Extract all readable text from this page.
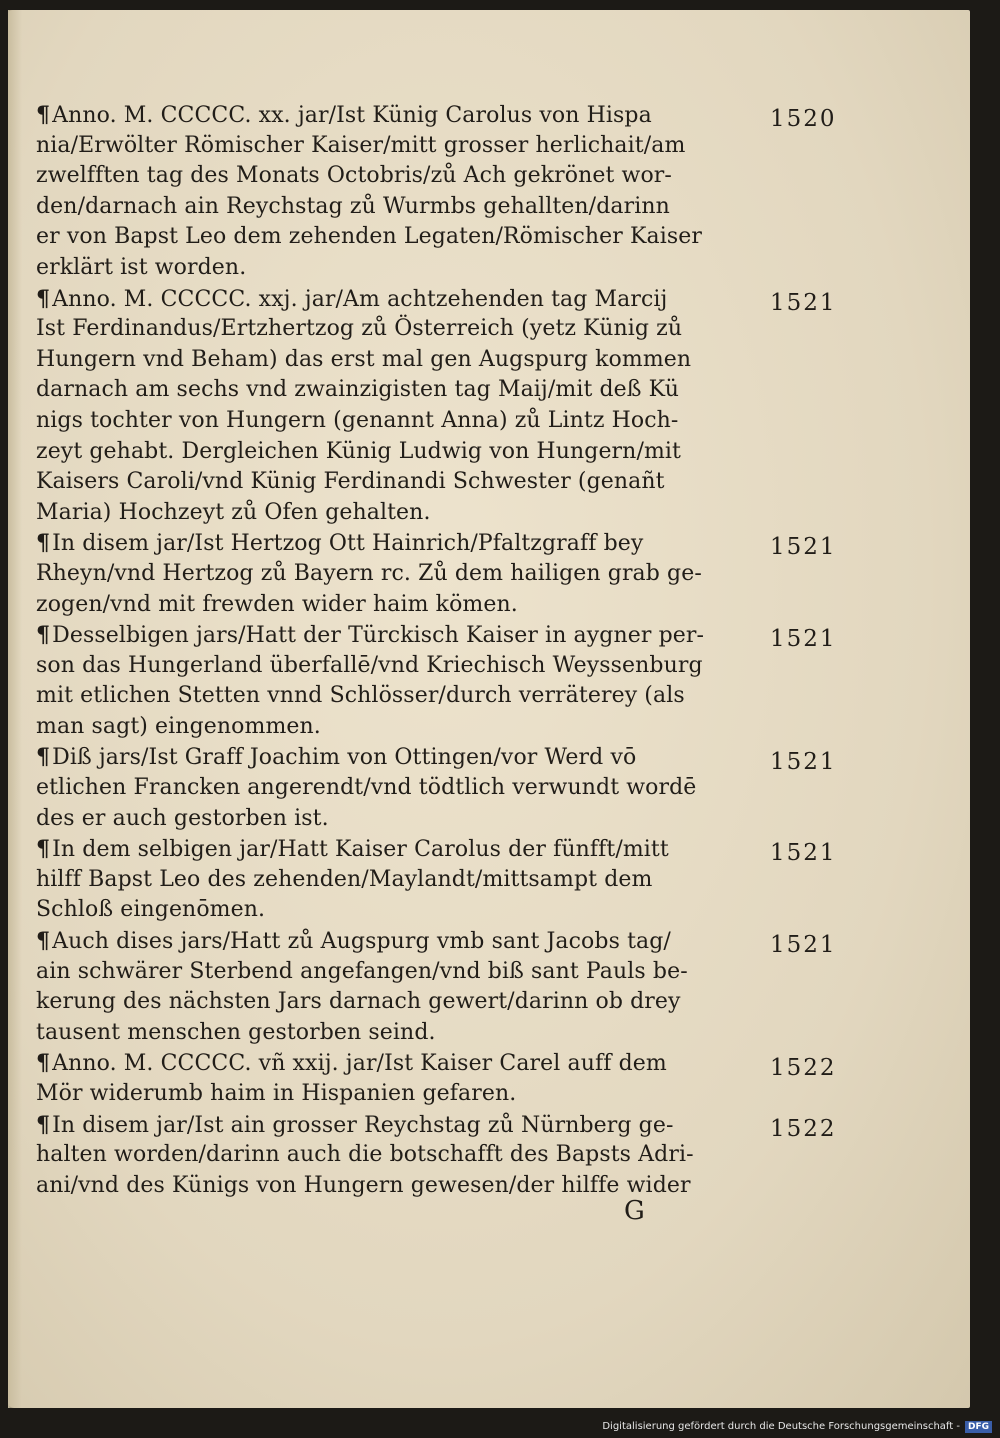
¶Anno. M. CCCCC. xx. jar/Ist Künig Carolus von Hispa
nia/Erwölter Römischer Kaiser/mitt grosser herlichait/am
zwelfften tag des Monats Octobris/zů Ach gekrönet wor-
den/darnach ain Reychstag zů Wurmbs gehallten/darinn
er von Bapst Leo dem zehenden Legaten/Römischer Kaiser
erklärt ist worden.
¶Anno. M. CCCCC. xxj. jar/Am achtzehenden tag Marcij
Ist Ferdinandus/Ertzhertzog zů Österreich (yetz Künig zů
Hungern vnd Beham) das erst mal gen Augspurg kommen
darnach am sechs vnd zwainzigisten tag Maij/mit deß Kü
nigs tochter von Hungern (genannt Anna) zů Lintz Hoch-
zeyt gehabt. Dergleichen Künig Ludwig von Hungern/mit
Kaisers Caroli/vnd Künig Ferdinandi Schwester (genañt
Maria) Hochzeyt zů Ofen gehalten.
¶In disem jar/Ist Hertzog Ott Hainrich/Pfaltzgraff bey
Rheyn/vnd Hertzog zů Bayern rc. Zů dem hailigen grab ge-
zogen/vnd mit frewden wider haim kömen.
¶Desselbigen jars/Hatt der Türckisch Kaiser in aygner per-
son das Hungerland überfallē/vnd Kriechisch Weyssenburg
mit etlichen Stetten vnnd Schlösser/durch verräterey (als
man sagt) eingenommen.
¶Diß jars/Ist Graff Joachim von Ottingen/vor Werd vō
etlichen Francken angerendt/vnd tödtlich verwundt wordē
des er auch gestorben ist.
¶In dem selbigen jar/Hatt Kaiser Carolus der fünfft/mitt
hilff Bapst Leo des zehenden/Maylandt/mittsampt dem
Schloß eingenōmen.
¶Auch dises jars/Hatt zů Augspurg vmb sant Jacobs tag/
ain schwärer Sterbend angefangen/vnd biß sant Pauls be-
kerung des nächsten Jars darnach gewert/darinn ob drey
tausent menschen gestorben seind.
¶Anno. M. CCCCC. vñ xxij. jar/Ist Kaiser Carel auff dem
Mör widerumb haim in Hispanien gefaren.
¶In disem jar/Ist ain grosser Reychstag zů Nürnberg ge-
halten worden/darinn auch die botschafft des Bapsts Adri-
ani/vnd des Künigs von Hungern gewesen/der hilffe wider
1520
1521
1521
1521
1521
1521
1521
1522
1522
G
Digitalisierung gefördert durch die Deutsche Forschungsgemeinschaft - DFG
